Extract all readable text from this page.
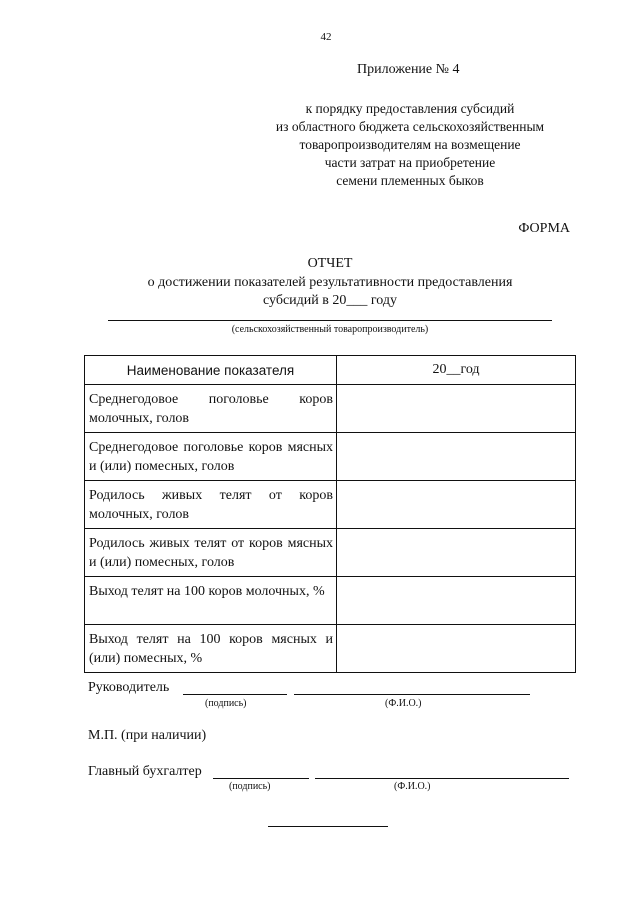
42
Приложение № 4
к порядку предоставления субсидий
из областного бюджета сельскохозяйственным
товаропроизводителям на возмещение
части затрат на приобретение
семени племенных быков
ФОРМА
ОТЧЕТ
о достижении показателей результативности предоставления
субсидий в 20___ году
(сельскохозяйственный товаропроизводитель)
Наименование показателя	20__год

Среднегодовое поголовье коров молочных, голов	

Среднегодовое поголовье коров мясных и (или) помесных, голов	

Родилось живых телят от коров молочных, голов	

Родилось живых телят от коров мясных и (или) помесных, голов	

Выход телят на 100 коров молочных, %	

Выход телят на 100 коров мясных и (или) помесных, %	

Руководитель
(подпись)	(Ф.И.О.)
М.П. (при наличии)
Главный бухгалтер
(подпись)	(Ф.И.О.)
